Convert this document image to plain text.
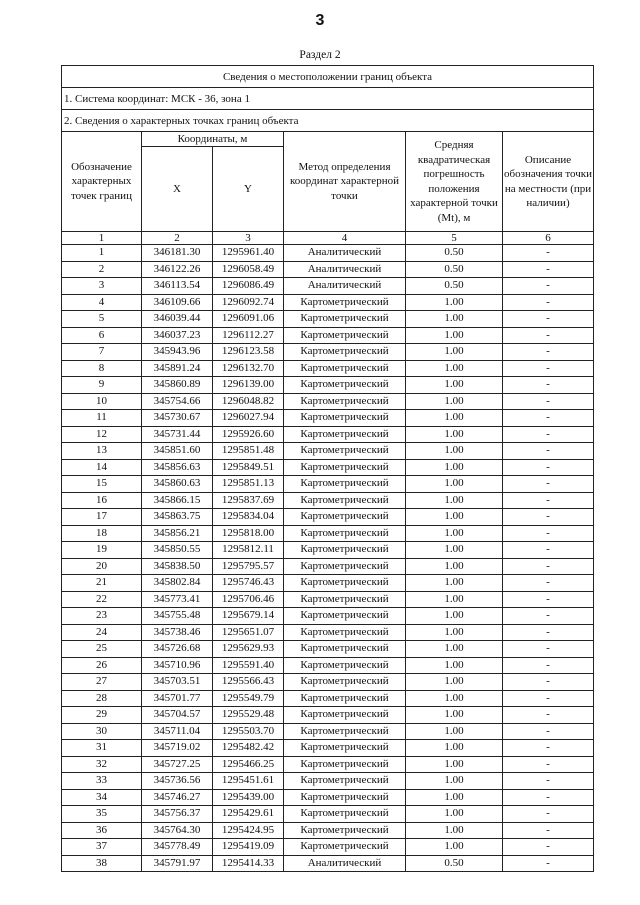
3
Раздел 2
Сведения о местоположении границ объекта					
1. Система координат: МСК - 36, зона 1					
2. Сведения о характерных точках границ объекта					
Обозначение характерных точек границ	Координаты, м		Метод определения координат характерной точки	Средняя квадратическая погрешность положения характерной точки (Mt), м	Описание обозначения точки на местности (при наличии)
	X	Y			
1	2	3	4	5	6
1	346181.30	1295961.40	Аналитический	0.50	-
2	346122.26	1296058.49	Аналитический	0.50	-
3	346113.54	1296086.49	Аналитический	0.50	-
4	346109.66	1296092.74	Картометрический	1.00	-
5	346039.44	1296091.06	Картометрический	1.00	-
6	346037.23	1296112.27	Картометрический	1.00	-
7	345943.96	1296123.58	Картометрический	1.00	-
8	345891.24	1296132.70	Картометрический	1.00	-
9	345860.89	1296139.00	Картометрический	1.00	-
10	345754.66	1296048.82	Картометрический	1.00	-
11	345730.67	1296027.94	Картометрический	1.00	-
12	345731.44	1295926.60	Картометрический	1.00	-
13	345851.60	1295851.48	Картометрический	1.00	-
14	345856.63	1295849.51	Картометрический	1.00	-
15	345860.63	1295851.13	Картометрический	1.00	-
16	345866.15	1295837.69	Картометрический	1.00	-
17	345863.75	1295834.04	Картометрический	1.00	-
18	345856.21	1295818.00	Картометрический	1.00	-
19	345850.55	1295812.11	Картометрический	1.00	-
20	345838.50	1295795.57	Картометрический	1.00	-
21	345802.84	1295746.43	Картометрический	1.00	-
22	345773.41	1295706.46	Картометрический	1.00	-
23	345755.48	1295679.14	Картометрический	1.00	-
24	345738.46	1295651.07	Картометрический	1.00	-
25	345726.68	1295629.93	Картометрический	1.00	-
26	345710.96	1295591.40	Картометрический	1.00	-
27	345703.51	1295566.43	Картометрический	1.00	-
28	345701.77	1295549.79	Картометрический	1.00	-
29	345704.57	1295529.48	Картометрический	1.00	-
30	345711.04	1295503.70	Картометрический	1.00	-
31	345719.02	1295482.42	Картометрический	1.00	-
32	345727.25	1295466.25	Картометрический	1.00	-
33	345736.56	1295451.61	Картометрический	1.00	-
34	345746.27	1295439.00	Картометрический	1.00	-
35	345756.37	1295429.61	Картометрический	1.00	-
36	345764.30	1295424.95	Картометрический	1.00	-
37	345778.49	1295419.09	Картометрический	1.00	-
38	345791.97	1295414.33	Аналитический	0.50	-
